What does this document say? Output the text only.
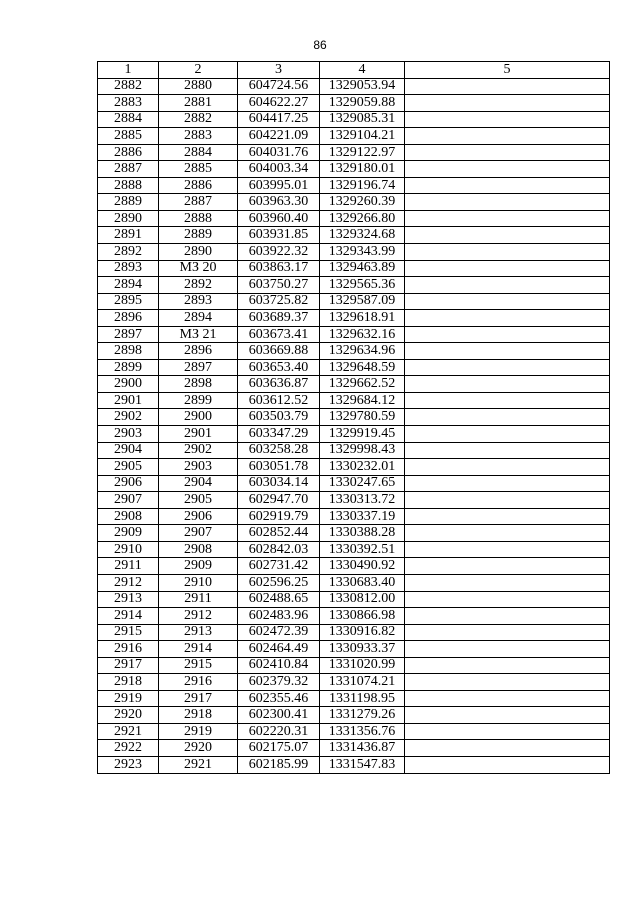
86
1	2	3	4	5
2882	2880	604724.56	1329053.94	
2883	2881	604622.27	1329059.88	
2884	2882	604417.25	1329085.31	
2885	2883	604221.09	1329104.21	
2886	2884	604031.76	1329122.97	
2887	2885	604003.34	1329180.01	
2888	2886	603995.01	1329196.74	
2889	2887	603963.30	1329260.39	
2890	2888	603960.40	1329266.80	
2891	2889	603931.85	1329324.68	
2892	2890	603922.32	1329343.99	
2893	МЗ 20	603863.17	1329463.89	
2894	2892	603750.27	1329565.36	
2895	2893	603725.82	1329587.09	
2896	2894	603689.37	1329618.91	
2897	МЗ 21	603673.41	1329632.16	
2898	2896	603669.88	1329634.96	
2899	2897	603653.40	1329648.59	
2900	2898	603636.87	1329662.52	
2901	2899	603612.52	1329684.12	
2902	2900	603503.79	1329780.59	
2903	2901	603347.29	1329919.45	
2904	2902	603258.28	1329998.43	
2905	2903	603051.78	1330232.01	
2906	2904	603034.14	1330247.65	
2907	2905	602947.70	1330313.72	
2908	2906	602919.79	1330337.19	
2909	2907	602852.44	1330388.28	
2910	2908	602842.03	1330392.51	
2911	2909	602731.42	1330490.92	
2912	2910	602596.25	1330683.40	
2913	2911	602488.65	1330812.00	
2914	2912	602483.96	1330866.98	
2915	2913	602472.39	1330916.82	
2916	2914	602464.49	1330933.37	
2917	2915	602410.84	1331020.99	
2918	2916	602379.32	1331074.21	
2919	2917	602355.46	1331198.95	
2920	2918	602300.41	1331279.26	
2921	2919	602220.31	1331356.76	
2922	2920	602175.07	1331436.87	
2923	2921	602185.99	1331547.83	
